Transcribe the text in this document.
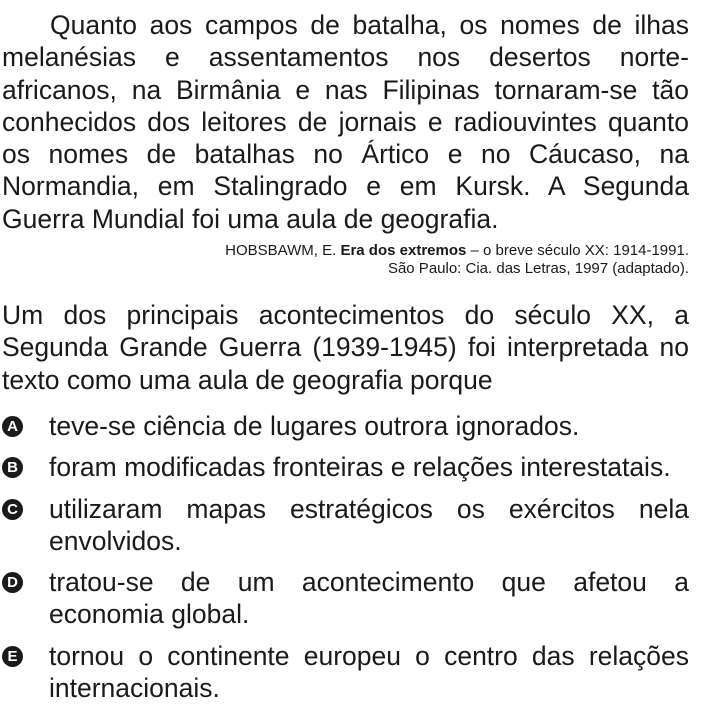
Quanto aos campos de batalha, os nomes de ilhas melanésias e assentamentos nos desertos norte-africanos, na Birmânia e nas Filipinas tornaram-se tão conhecidos dos leitores de jornais e radiouvintes quanto os nomes de batalhas no Ártico e no Cáucaso, na Normandia, em Stalingrado e em Kursk. A Segunda Guerra Mundial foi uma aula de geografia.

HOBSBAWM, E. Era dos extremos – o breve século XX: 1914-1991.
São Paulo: Cia. das Letras, 1997 (adaptado).

Um dos principais acontecimentos do século XX, a Segunda Grande Guerra (1939-1945) foi interpretada no texto como uma aula de geografia porque

A teve-se ciência de lugares outrora ignorados.
B foram modificadas fronteiras e relações interestatais.
C utilizaram mapas estratégicos os exércitos nela envolvidos.
D tratou-se de um acontecimento que afetou a economia global.
E tornou o continente europeu o centro das relações internacionais.
